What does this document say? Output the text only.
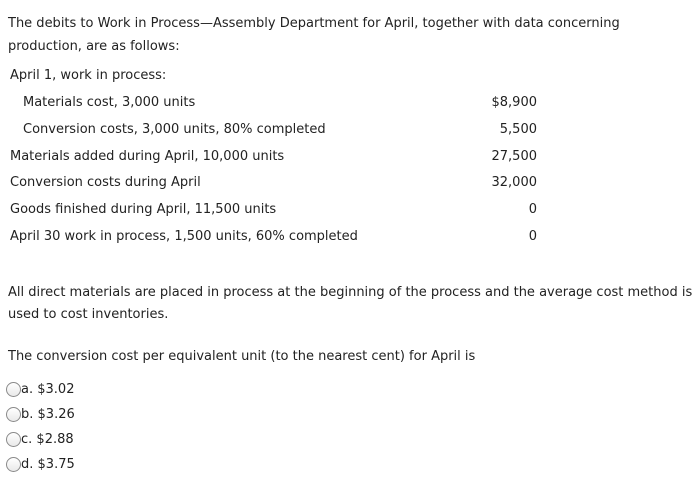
The debits to Work in Process—Assembly Department for April, together with data concerning production, are as follows:
April 1, work in process:
Materials cost, 3,000 units	$8,900
Conversion costs, 3,000 units, 80% completed	5,500
Materials added during April, 10,000 units	27,500
Conversion costs during April	32,000
Goods finished during April, 11,500 units	0
April 30 work in process, 1,500 units, 60% completed	0
All direct materials are placed in process at the beginning of the process and the average cost method is used to cost inventories.
The conversion cost per equivalent unit (to the nearest cent) for April is
a. $3.02
b. $3.26
c. $2.88
d. $3.75
